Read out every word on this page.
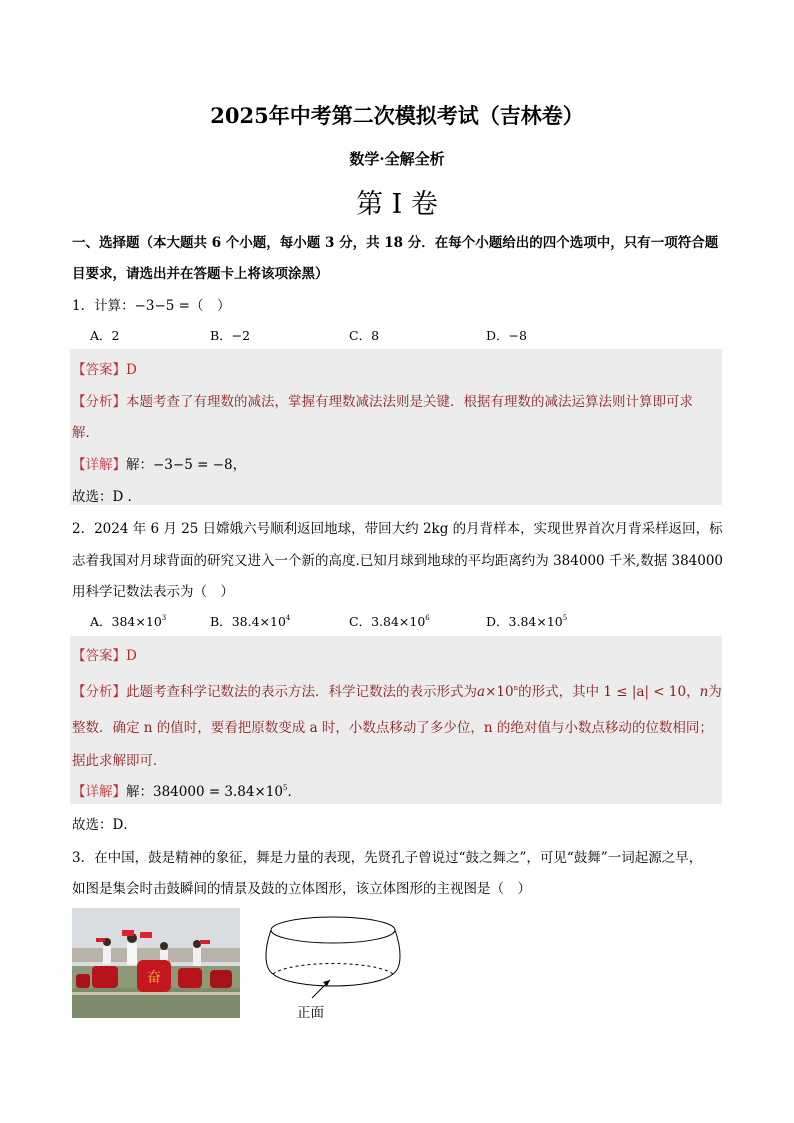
2025年中考第二次模拟考试（吉林卷）
数学·全解全析
第 I 卷
一、选择题（本大题共 6 个小题，每小题 3 分，共 18 分．在每个小题给出的四个选项中，只有一项符合题
目要求，请选出并在答题卡上将该项涂黑）
1．计算：−3−5 =（　）
A．2	B．−2	C．8	D．−8
【答案】D
【分析】本题考查了有理数的减法，掌握有理数减法法则是关键．根据有理数的减法运算法则计算即可求
解．
【详解】解：−3−5 = −8，
故选：D ．
2．2024 年 6 月 25 日嫦娥六号顺利返回地球，带回大约 2kg 的月背样本，实现世界首次月背采样返回，标
志着我国对月球背面的研究又进入一个新的高度.已知月球到地球的平均距离约为 384000 千米,数据 384000
用科学记数法表示为（　）
A．$384\times 10^3$	B．$38.4\times 10^4$	C．$3.84\times 10^6$	D．$3.84\times 10^5$
【答案】D
【分析】此题考查科学记数法的表示方法．科学记数法的表示形式为$a\times 10^n$的形式，其中 1 ≤ |a| < 10，n为
整数．确定 n 的值时，要看把原数变成 a 时，小数点移动了多少位，n 的绝对值与小数点移动的位数相同；
据此求解即可．
【详解】解：$384000 = 3.84\times 10^5$．
故选：D．
3．在中国，鼓是精神的象征，舞是力量的表现，先贤孔子曾说过“鼓之舞之”，可见“鼓舞”一词起源之早，
如图是集会时击鼓瞬间的情景及鼓的立体图形，该立体图形的主视图是（　）
奋
正面
